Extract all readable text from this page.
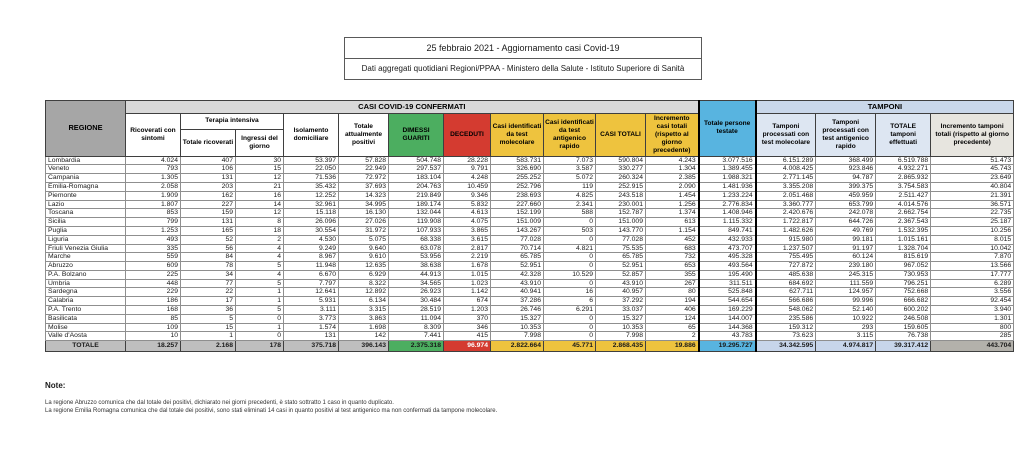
25 febbraio 2021 - Aggiornamento casi Covid-19
Dati aggregati quotidiani Regioni/PPAA - Ministero della Salute - Istituto Superiore di Sanità
REGIONE	CASI COVID-19 CONFERMATI											Totale persone testate	TAMPONI			
	Ricoverati con sintomi	Terapia intensiva		Isolamento domiciliare	Totale attualmente positivi	DIMESSI GUARITI	DECEDUTI	Casi identificati da test molecolare	Casi identificati da test antigenico rapido	CASI TOTALI	Incremento casi totali (rispetto al giorno precedente)		Tamponi processati con test molecolare	Tamponi processati con test antigenico rapido	TOTALE tamponi effettuati	Incremento tamponi totali (rispetto al giorno precedente)
		Totale ricoverati	Ingressi del giorno													
Lombardia	4.024	407	30	53.397	57.828	504.748	28.228	583.731	7.073	590.804	4.243	3.077.516	6.151.289	368.499	6.519.788	51.473
Veneto	793	106	15	22.050	22.949	297.537	9.791	326.690	3.587	330.277	1.304	1.389.455	4.008.425	923.846	4.932.271	45.743
Campania	1.305	131	12	71.536	72.972	183.104	4.248	255.252	5.072	260.324	2.385	1.988.321	2.771.145	94.787	2.865.932	23.649
Emilia-Romagna	2.058	203	21	35.432	37.693	204.763	10.459	252.796	119	252.915	2.090	1.481.936	3.355.208	399.375	3.754.583	40.804
Piemonte	1.909	162	16	12.252	14.323	219.849	9.346	238.693	4.825	243.518	1.454	1.233.224	2.051.468	459.959	2.511.427	21.391
Lazio	1.807	227	14	32.961	34.995	189.174	5.832	227.660	2.341	230.001	1.256	2.776.834	3.360.777	653.799	4.014.576	36.571
Toscana	853	159	12	15.118	16.130	132.044	4.613	152.199	588	152.787	1.374	1.408.946	2.420.676	242.078	2.662.754	22.735
Sicilia	799	131	8	26.096	27.026	119.908	4.075	151.009	0	151.009	613	1.115.332	1.722.817	644.726	2.367.543	25.187
Puglia	1.253	165	18	30.554	31.972	107.933	3.865	143.267	503	143.770	1.154	849.741	1.482.626	49.769	1.532.395	10.256
Liguria	493	52	2	4.530	5.075	68.338	3.615	77.028	0	77.028	452	432.933	915.980	99.181	1.015.161	8.015
Friuli Venezia Giulia	335	56	4	9.249	9.640	63.078	2.817	70.714	4.821	75.535	683	473.707	1.237.507	91.197	1.328.704	10.042
Marche	559	84	4	8.967	9.610	53.956	2.219	65.785	0	65.785	732	495.328	755.495	60.124	815.619	7.870
Abruzzo	609	78	5	11.948	12.635	38.638	1.678	52.951	0	52.951	653	493.564	727.872	239.180	967.052	13.566
P.A. Bolzano	225	34	4	6.670	6.929	44.913	1.015	42.328	10.529	52.857	355	195.490	485.638	245.315	730.953	17.777
Umbria	448	77	5	7.797	8.322	34.565	1.023	43.910	0	43.910	267	311.511	684.692	111.559	796.251	6.289
Sardegna	229	22	1	12.641	12.892	26.923	1.142	40.941	16	40.957	80	525.848	627.711	124.957	752.668	3.556
Calabria	186	17	1	5.931	6.134	30.484	674	37.286	6	37.292	194	544.654	566.686	99.996	666.682	92.454
P.A. Trento	168	36	5	3.111	3.315	28.519	1.203	26.746	6.291	33.037	406	169.229	548.062	52.140	600.202	3.940
Basilicata	85	5	0	3.773	3.863	11.094	370	15.327	0	15.327	124	144.007	235.586	10.922	246.508	1.301
Molise	109	15	1	1.574	1.698	8.309	346	10.353	0	10.353	65	144.368	159.312	293	159.605	800
Valle d'Aosta	10	1	0	131	142	7.441	415	7.998	0	7.998	2	43.783	73.623	3.115	76.738	285
TOTALE	18.257	2.168	178	375.718	396.143	2.375.318	96.974	2.822.664	45.771	2.868.435	19.886	19.295.727	34.342.595	4.974.817	39.317.412	443.704
Note:
La regione Abruzzo comunica che dal totale dei positivi, dichiarato nei giorni precedenti, è stato sottratto 1 caso in quanto duplicato.
La regione Emilia Romagna comunica che dal totale dei positivi, sono stati eliminati 14 casi in quanto positivi al test antigenico ma non confermati da tampone molecolare.
